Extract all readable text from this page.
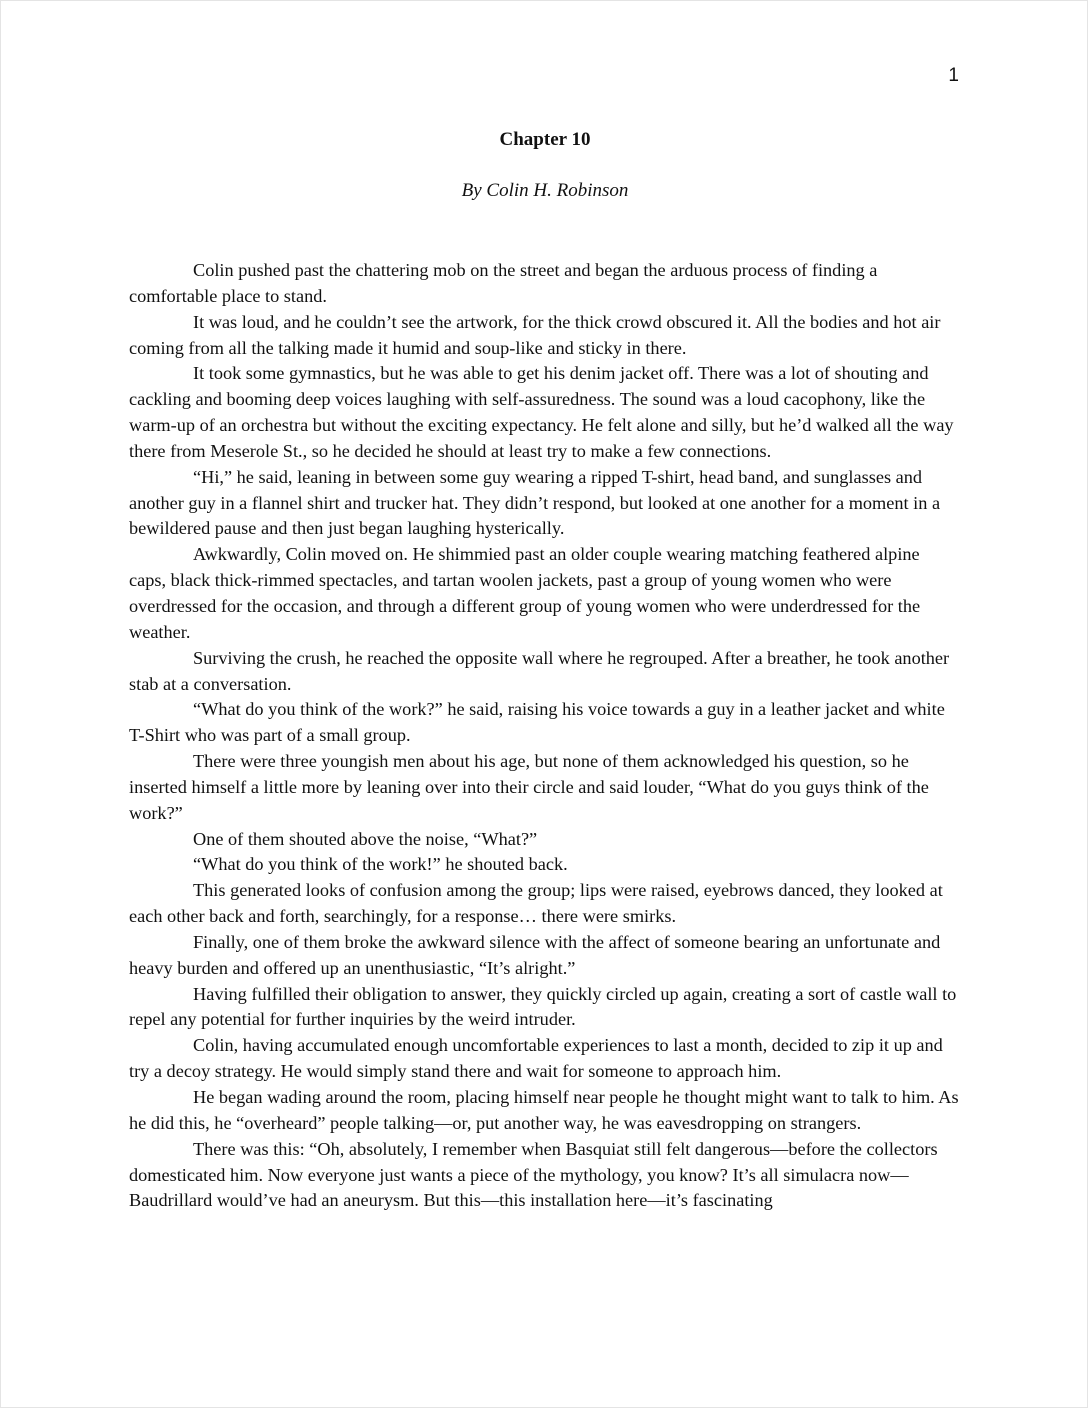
1
Chapter 10
By Colin H. Robinson

Colin pushed past the chattering mob on the street and began the arduous process of finding a comfortable place to stand.

It was loud, and he couldn’t see the artwork, for the thick crowd obscured it. All the bodies and hot air coming from all the talking made it humid and soup-like and sticky in there.

It took some gymnastics, but he was able to get his denim jacket off. There was a lot of shouting and cackling and booming deep voices laughing with self-assuredness. The sound was a loud cacophony, like the warm-up of an orchestra but without the exciting expectancy. He felt alone and silly, but he’d walked all the way there from Meserole St., so he decided he should at least try to make a few connections.

“Hi,” he said, leaning in between some guy wearing a ripped T-shirt, head band, and sunglasses and another guy in a flannel shirt and trucker hat. They didn’t respond, but looked at one another for a moment in a bewildered pause and then just began laughing hysterically.

Awkwardly, Colin moved on. He shimmied past an older couple wearing matching feathered alpine caps, black thick-rimmed spectacles, and tartan woolen jackets, past a group of young women who were overdressed for the occasion, and through a different group of young women who were underdressed for the weather.

Surviving the crush, he reached the opposite wall where he regrouped. After a breather, he took another stab at a conversation.

“What do you think of the work?” he said, raising his voice towards a guy in a leather jacket and white T-Shirt who was part of a small group.

There were three youngish men about his age, but none of them acknowledged his question, so he inserted himself a little more by leaning over into their circle and said louder, “What do you guys think of the work?”

One of them shouted above the noise, “What?”

“What do you think of the work!” he shouted back.

This generated looks of confusion among the group; lips were raised, eyebrows danced, they looked at each other back and forth, searchingly, for a response… there were smirks.

Finally, one of them broke the awkward silence with the affect of someone bearing an unfortunate and heavy burden and offered up an unenthusiastic, “It’s alright.”

Having fulfilled their obligation to answer, they quickly circled up again, creating a sort of castle wall to repel any potential for further inquiries by the weird intruder.

Colin, having accumulated enough uncomfortable experiences to last a month, decided to zip it up and try a decoy strategy. He would simply stand there and wait for someone to approach him.

He began wading around the room, placing himself near people he thought might want to talk to him. As he did this, he “overheard” people talking—or, put another way, he was eavesdropping on strangers.

There was this: “Oh, absolutely, I remember when Basquiat still felt dangerous—before the collectors domesticated him. Now everyone just wants a piece of the mythology, you know? It’s all simulacra now—Baudrillard would’ve had an aneurysm. But this—this installation here—it’s fascinating
